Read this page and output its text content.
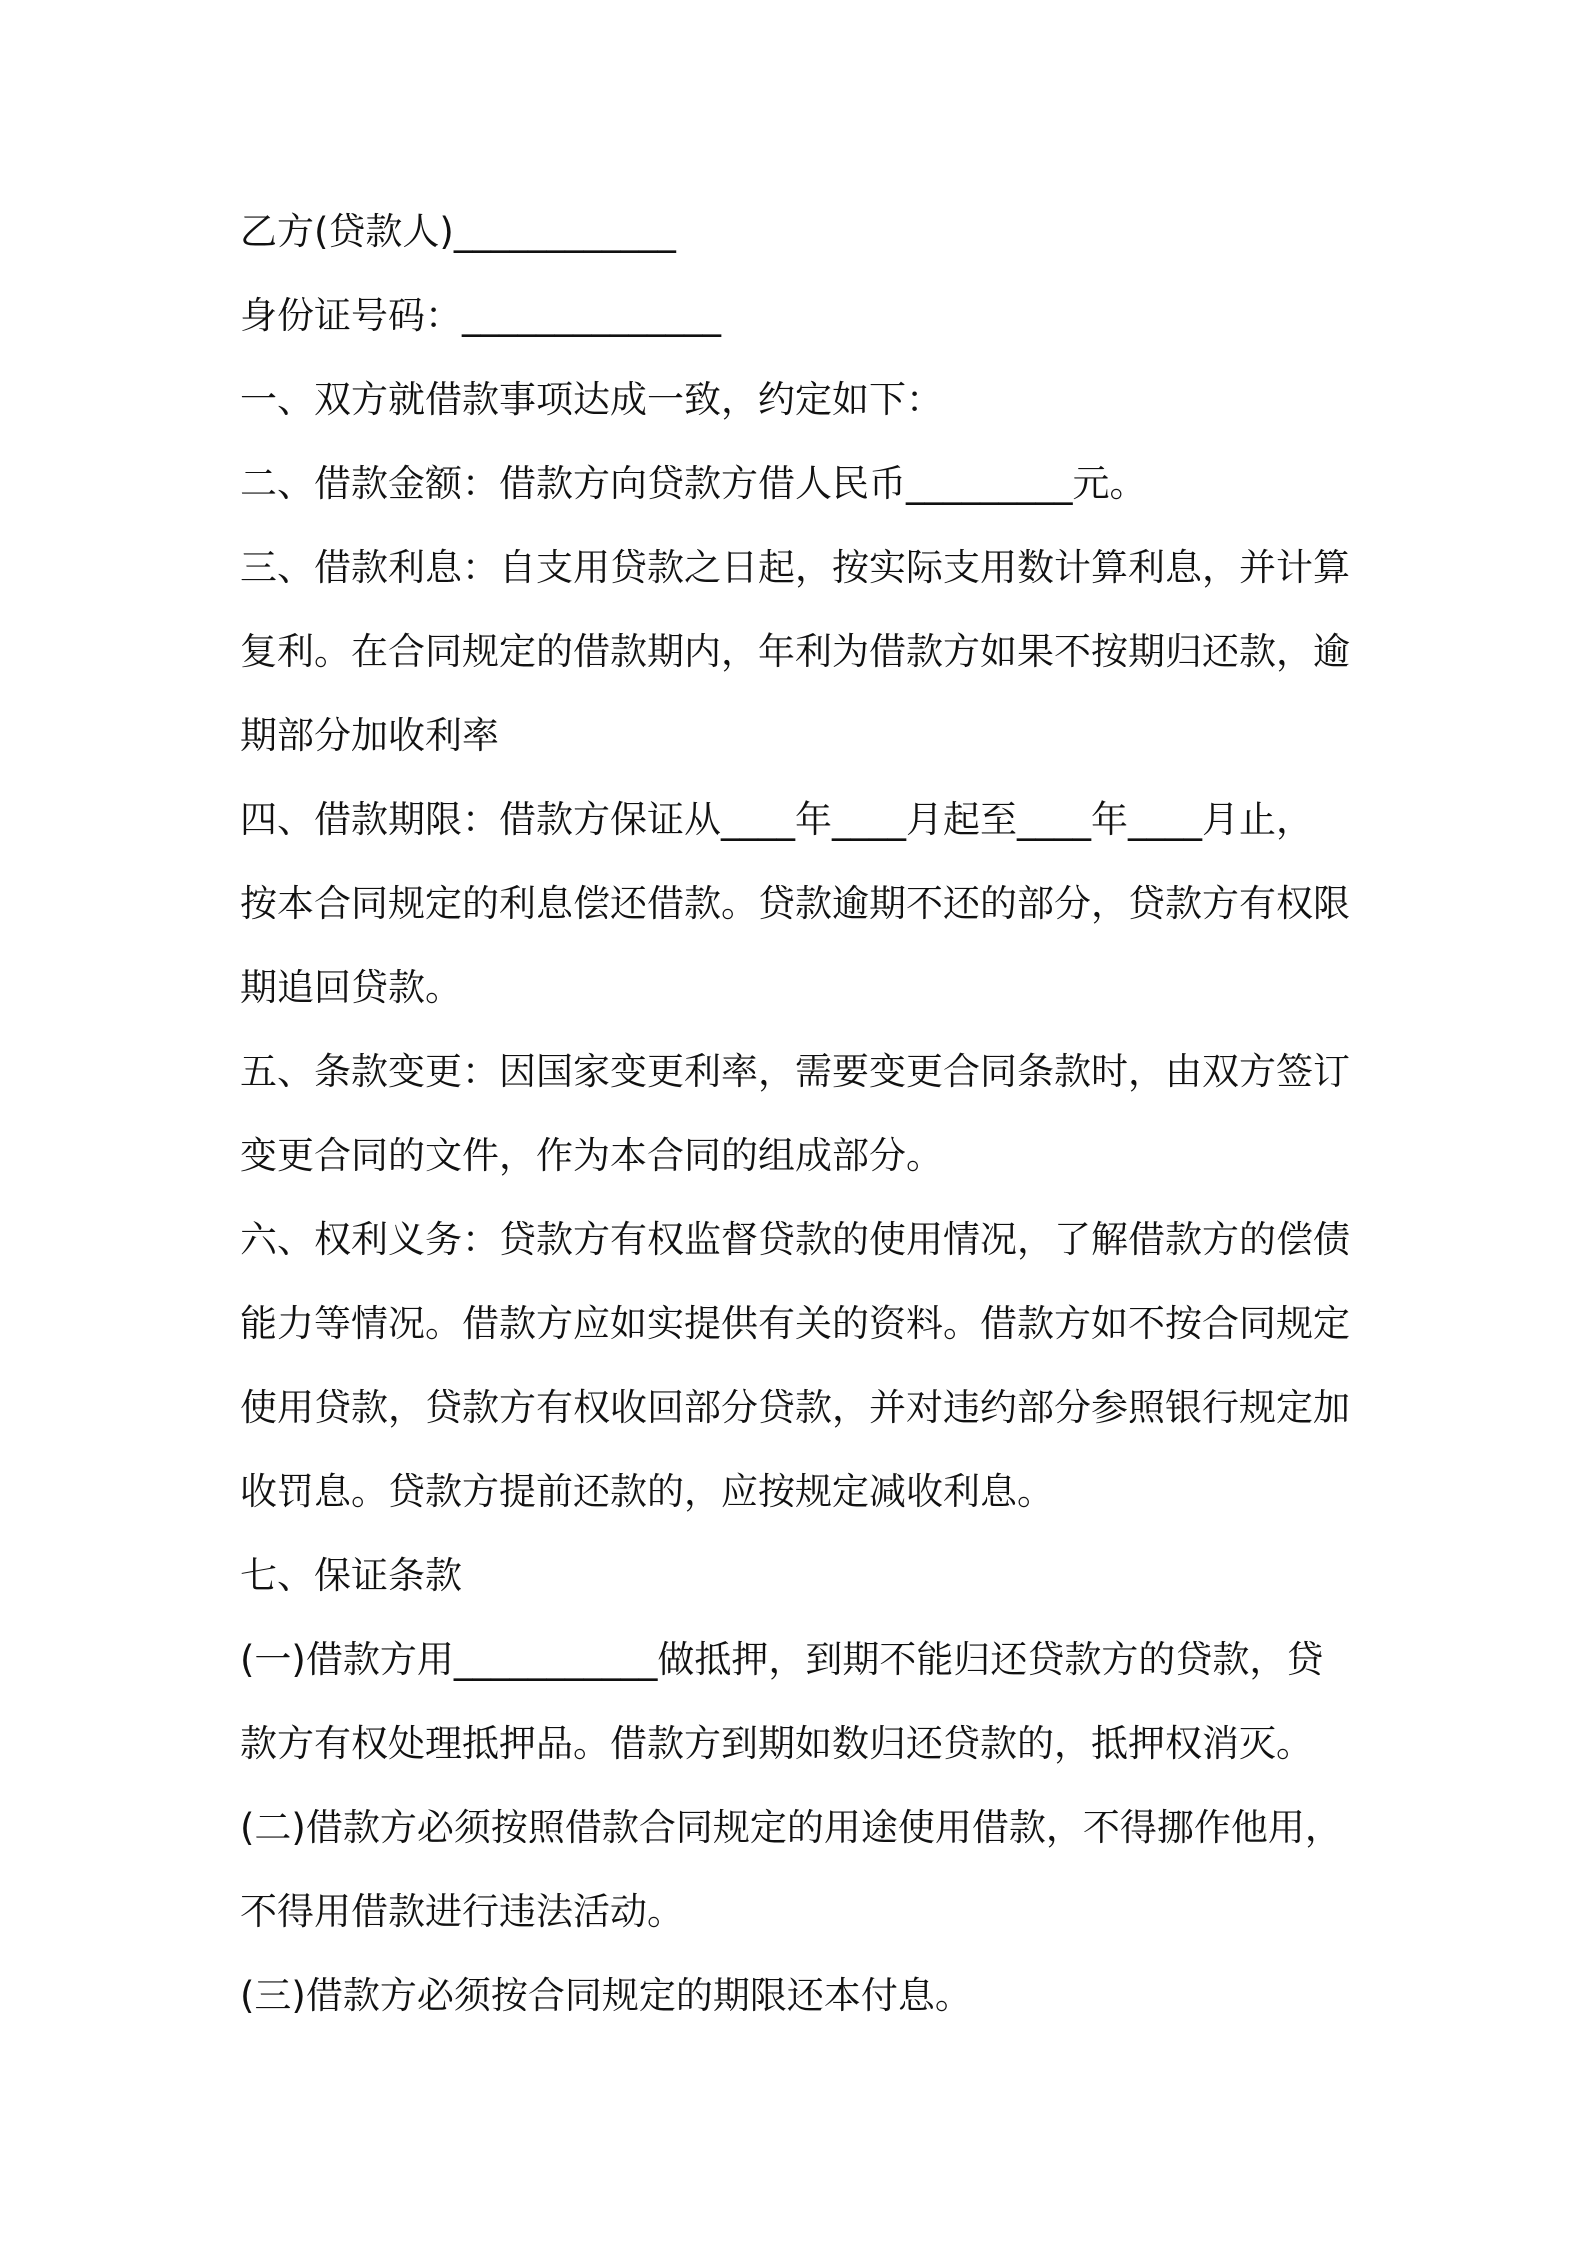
乙方(贷款人)____________
身份证号码：______________
一、双方就借款事项达成一致，约定如下：
二、借款金额：借款方向贷款方借人民币_________元。
三、借款利息：自支用贷款之日起，按实际支用数计算利息，并计算
复利。在合同规定的借款期内，年利为借款方如果不按期归还款，逾
期部分加收利率
四、借款期限：借款方保证从____年____月起至____年____月止，
按本合同规定的利息偿还借款。贷款逾期不还的部分，贷款方有权限
期追回贷款。
五、条款变更：因国家变更利率，需要变更合同条款时，由双方签订
变更合同的文件，作为本合同的组成部分。
六、权利义务：贷款方有权监督贷款的使用情况，了解借款方的偿债
能力等情况。借款方应如实提供有关的资料。借款方如不按合同规定
使用贷款，贷款方有权收回部分贷款，并对违约部分参照银行规定加
收罚息。贷款方提前还款的，应按规定减收利息。
七、保证条款
(一)借款方用___________做抵押，到期不能归还贷款方的贷款，贷
款方有权处理抵押品。借款方到期如数归还贷款的，抵押权消灭。
(二)借款方必须按照借款合同规定的用途使用借款，不得挪作他用，
不得用借款进行违法活动。
(三)借款方必须按合同规定的期限还本付息。
